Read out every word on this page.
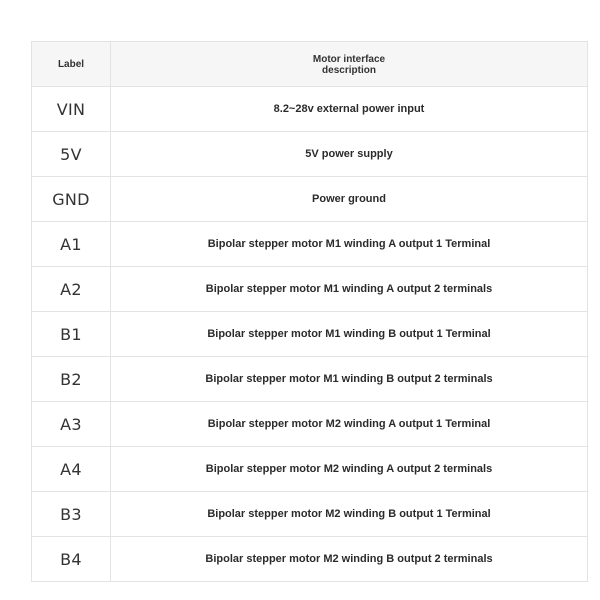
Label	Motor interface
description
VIN	8.2~28v external power input
5V	5V power supply
GND	Power ground
A1	Bipolar stepper motor M1 winding A output 1 Terminal
A2	Bipolar stepper motor M1 winding A output 2 terminals
B1	Bipolar stepper motor M1 winding B output 1 Terminal
B2	Bipolar stepper motor M1 winding B output 2 terminals
A3	Bipolar stepper motor M2 winding A output 1 Terminal
A4	Bipolar stepper motor M2 winding A output 2 terminals
B3	Bipolar stepper motor M2 winding B output 1 Terminal
B4	Bipolar stepper motor M2 winding B output 2 terminals
